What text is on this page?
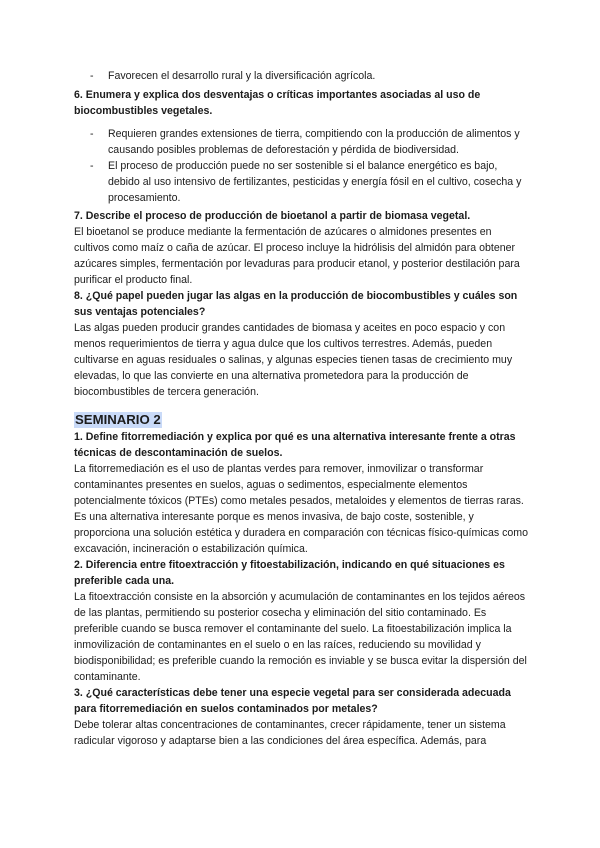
- Favorecen el desarrollo rural y la diversificación agrícola.

6. Enumera y explica dos desventajas o críticas importantes asociadas al uso de biocombustibles vegetales.

- Requieren grandes extensiones de tierra, compitiendo con la producción de alimentos y causando posibles problemas de deforestación y pérdida de biodiversidad.
- El proceso de producción puede no ser sostenible si el balance energético es bajo, debido al uso intensivo de fertilizantes, pesticidas y energía fósil en el cultivo, cosecha y procesamiento.

7. Describe el proceso de producción de bioetanol a partir de biomasa vegetal.

El bioetanol se produce mediante la fermentación de azúcares o almidones presentes en cultivos como maíz o caña de azúcar. El proceso incluye la hidrólisis del almidón para obtener azúcares simples, fermentación por levaduras para producir etanol, y posterior destilación para purificar el producto final.

8. ¿Qué papel pueden jugar las algas en la producción de biocombustibles y cuáles son sus ventajas potenciales?

Las algas pueden producir grandes cantidades de biomasa y aceites en poco espacio y con menos requerimientos de tierra y agua dulce que los cultivos terrestres. Además, pueden cultivarse en aguas residuales o salinas, y algunas especies tienen tasas de crecimiento muy elevadas, lo que las convierte en una alternativa prometedora para la producción de biocombustibles de tercera generación.

SEMINARIO 2

1. Define fitorremediación y explica por qué es una alternativa interesante frente a otras técnicas de descontaminación de suelos.

La fitorremediación es el uso de plantas verdes para remover, inmovilizar o transformar contaminantes presentes en suelos, aguas o sedimentos, especialmente elementos potencialmente tóxicos (PTEs) como metales pesados, metaloides y elementos de tierras raras. Es una alternativa interesante porque es menos invasiva, de bajo coste, sostenible, y proporciona una solución estética y duradera en comparación con técnicas físico-químicas como excavación, incineración o estabilización química.

2. Diferencia entre fitoextracción y fitoestabilización, indicando en qué situaciones es preferible cada una.

La fitoextracción consiste en la absorción y acumulación de contaminantes en los tejidos aéreos de las plantas, permitiendo su posterior cosecha y eliminación del sitio contaminado. Es preferible cuando se busca remover el contaminante del suelo. La fitoestabilización implica la inmovilización de contaminantes en el suelo o en las raíces, reduciendo su movilidad y biodisponibilidad; es preferible cuando la remoción es inviable y se busca evitar la dispersión del contaminante.

3. ¿Qué características debe tener una especie vegetal para ser considerada adecuada para fitorremediación en suelos contaminados por metales?

Debe tolerar altas concentraciones de contaminantes, crecer rápidamente, tener un sistema radicular vigoroso y adaptarse bien a las condiciones del área específica. Además, para
